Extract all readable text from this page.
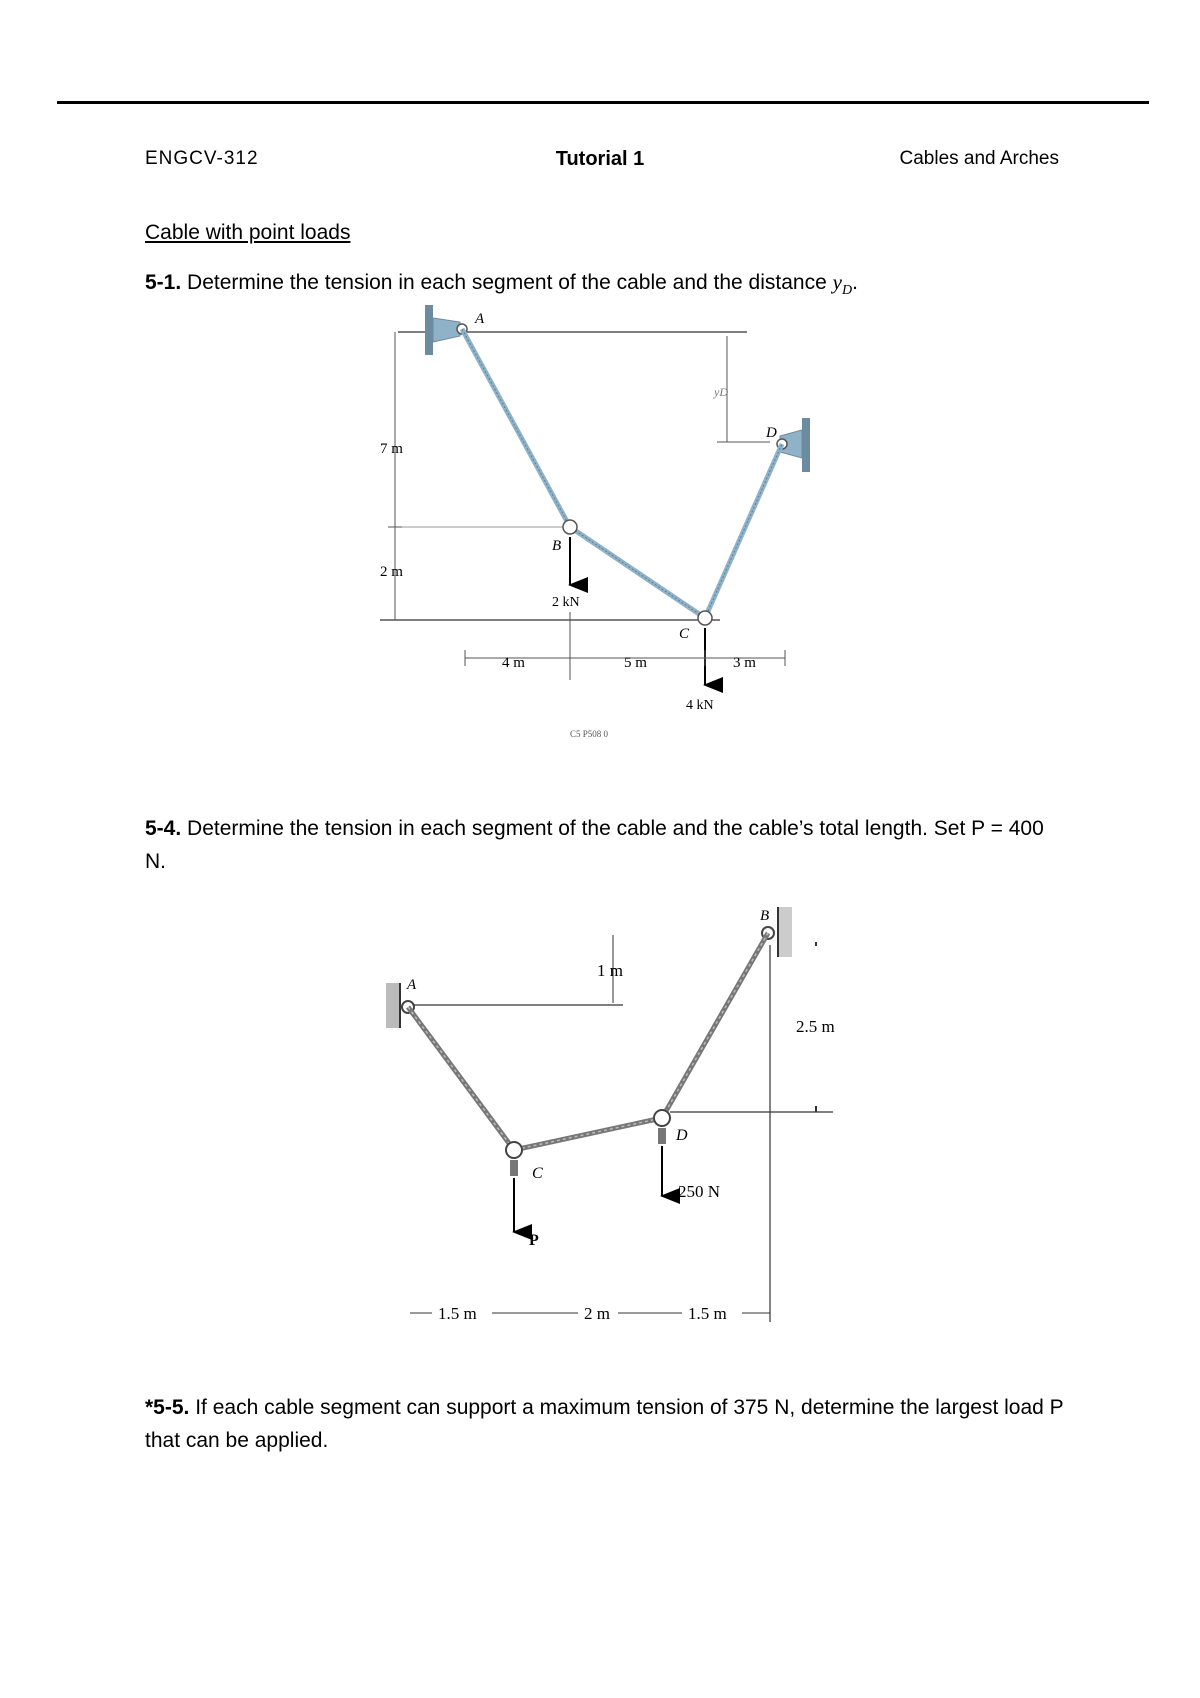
ENGCV-312	Tutorial 1	Cables and Arches
Cable with point loads
5-1. Determine the tension in each segment of the cable and the distance $y_D$.
5-4. Determine the tension in each segment of the cable and the cable’s total length. Set P = 400 N.
*5-5. If each cable segment can support a maximum tension of 375 N, determine the largest load P that can be applied.
A
B
C
D
yD
7 m
2 m
4 m	5 m	3 m
2 kN
4 kN
C5 P508 0
A
B
C
D
P
1 m
2.5 m
250 N
1.5 m	2 m	1.5 m
